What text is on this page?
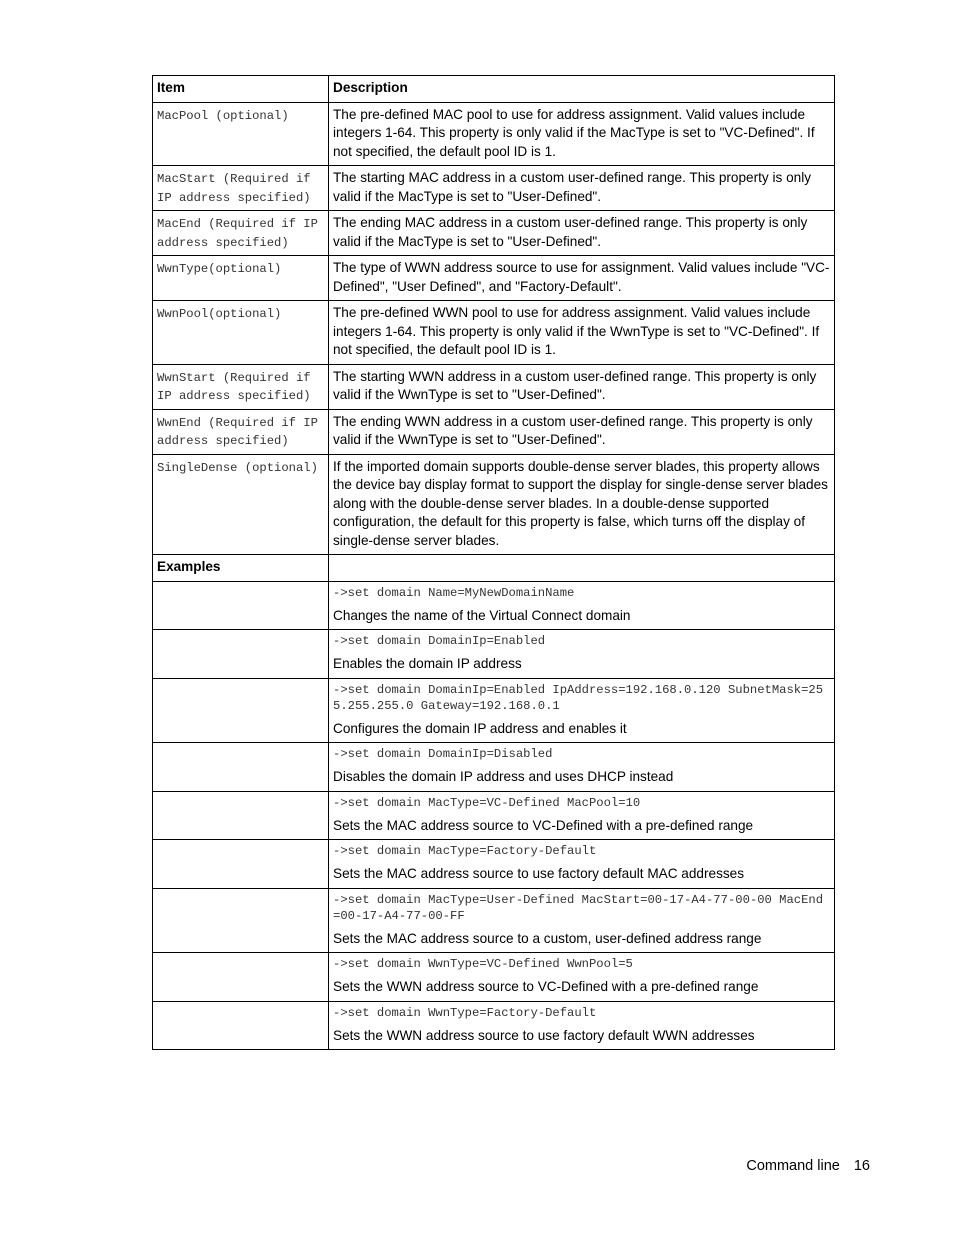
Item	Description
MacPool (optional)	The pre-defined MAC pool to use for address assignment. Valid values include integers 1-64. This property is only valid if the MacType is set to "VC-Defined". If not specified, the default pool ID is 1.
MacStart (Required if IP address specified)	The starting MAC address in a custom user-defined range. This property is only valid if the MacType is set to "User-Defined".
MacEnd (Required if IP address specified)	The ending MAC address in a custom user-defined range. This property is only valid if the MacType is set to "User-Defined".
WwnType(optional)	The type of WWN address source to use for assignment. Valid values include "VC-Defined", "User Defined", and "Factory-Default".
WwnPool(optional)	The pre-defined WWN pool to use for address assignment. Valid values include integers 1-64. This property is only valid if the WwnType is set to "VC-Defined". If not specified, the default pool ID is 1.
WwnStart (Required if IP address specified)	The starting WWN address in a custom user-defined range. This property is only valid if the WwnType is set to "User-Defined".
WwnEnd (Required if IP address specified)	The ending WWN address in a custom user-defined range. This property is only valid if the WwnType is set to "User-Defined".
SingleDense (optional)	If the imported domain supports double-dense server blades, this property allows the device bay display format to support the display for single-dense server blades along with the double-dense server blades. In a double-dense supported configuration, the default for this property is false, which turns off the display of single-dense server blades.
Examples	

	->set domain Name=MyNewDomainName
Changes the name of the Virtual Connect domain

	->set domain DomainIp=Enabled
Enables the domain IP address

	->set domain DomainIp=Enabled IpAddress=192.168.0.120 SubnetMask=255.255.255.0 Gateway=192.168.0.1
Configures the domain IP address and enables it

	->set domain DomainIp=Disabled
Disables the domain IP address and uses DHCP instead

	->set domain MacType=VC-Defined MacPool=10
Sets the MAC address source to VC-Defined with a pre-defined range

	->set domain MacType=Factory-Default
Sets the MAC address source to use factory default MAC addresses

	->set domain MacType=User-Defined MacStart=00-17-A4-77-00-00 MacEnd=00-17-A4-77-00-FF
Sets the MAC address source to a custom, user-defined address range

	->set domain WwnType=VC-Defined WwnPool=5
Sets the WWN address source to VC-Defined with a pre-defined range

	->set domain WwnType=Factory-Default
Sets the WWN address source to use factory default WWN addresses
Command line 16
